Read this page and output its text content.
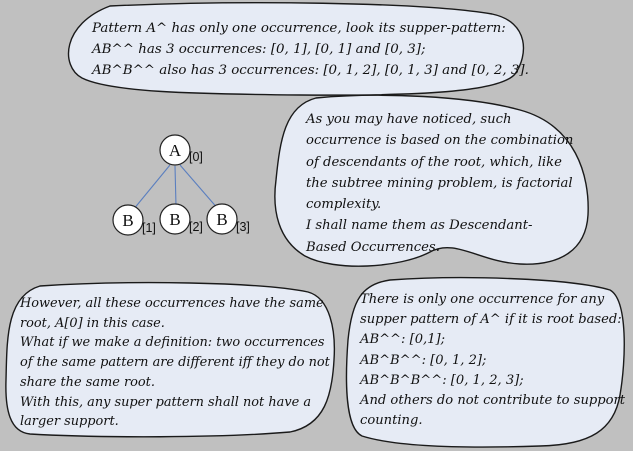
A [0]
B [1] B [2] B [3]
Pattern A^ has only one occurrence, look its supper-pattern:
AB^^ has 3 occurrences: [0, 1], [0, 1] and [0, 3];
AB^B^^ also has 3 occurrences: [0, 1, 2], [0, 1, 3] and [0, 2, 3].
As you may have noticed, such
occurrence is based on the combination
of descendants of the root, which, like
the subtree mining problem, is factorial
complexity.
I shall name them as Descendant-
Based Occurrences.
However, all these occurrences have the same
root, A[0] in this case.
What if we make a definition: two occurrences
of the same pattern are different iff they do not
share the same root.
With this, any super pattern shall not have a
larger support.
There is only one occurrence for any
supper pattern of A^ if it is root based:
AB^^: [0,1];
AB^B^^: [0, 1, 2];
AB^B^B^^: [0, 1, 2, 3];
And others do not contribute to support
counting.
